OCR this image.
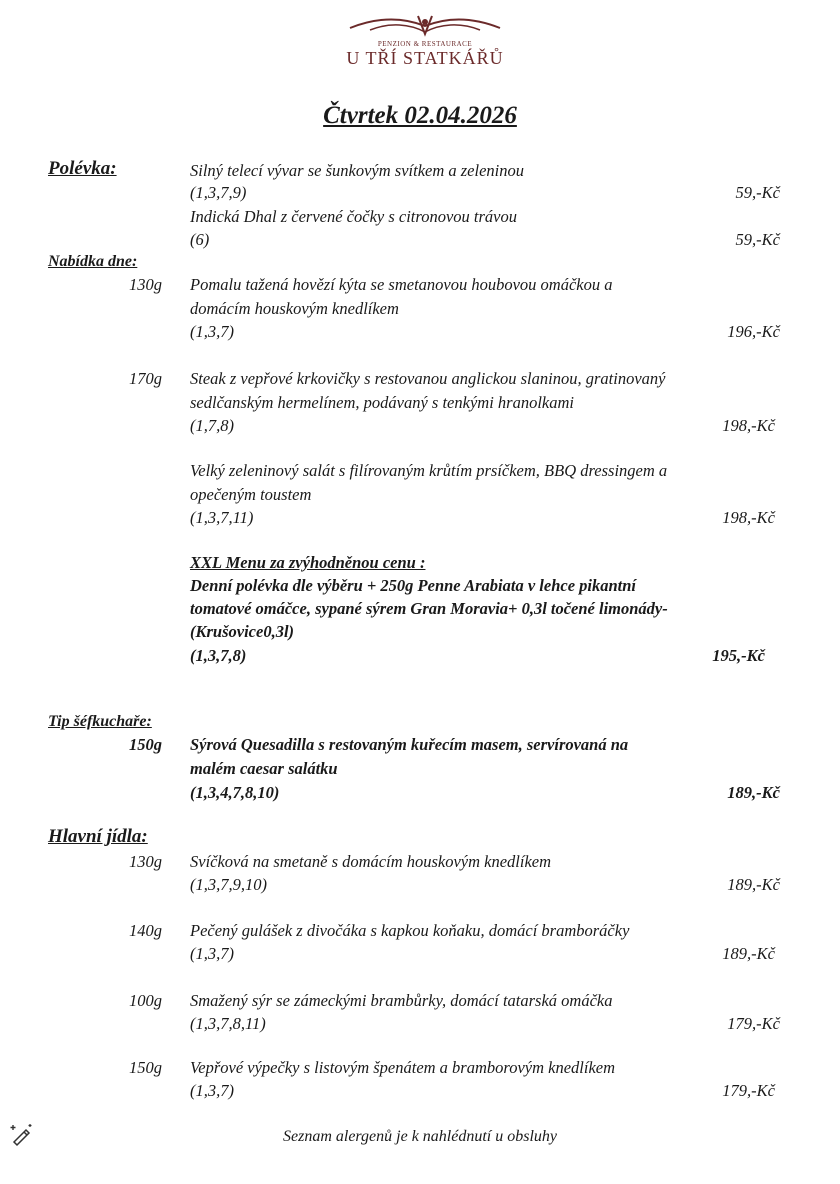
PENZION & RESTAURACE
U TŘÍ STATKÁŘŮ
Čtvrtek 02.04.2026
Polévka:	Silný telecí vývar se šunkovým svítkem a zeleninou
(1,3,7,9)	59,-Kč
Indická Dhal z červené čočky s citronovou trávou
(6)	59,-Kč
Nabídka dne:
130g Pomalu tažená hovězí kýta se smetanovou houbovou omáčkou a
domácím houskovým knedlíkem
(1,3,7)	196,-Kč
170g Steak z vepřové krkovičky s restovanou anglickou slaninou, gratinovaný
sedlčanským hermelínem, podávaný s tenkými hranolkami
(1,7,8)	198,-Kč
Velký zeleninový salát s filírovaným krůtím prsíčkem, BBQ dressingem a
opečeným toustem
(1,3,7,11)	198,-Kč
XXL Menu za zvýhodněnou cenu :
Denní polévka dle výběru + 250g Penne Arabiata v lehce pikantní
tomatové omáčce, sypané sýrem Gran Moravia+ 0,3l točené limonády-
(Krušovice0,3l)
(1,3,7,8)	195,-Kč
Tip šéfkuchaře:
150g Sýrová Quesadilla s restovaným kuřecím masem, servírovaná na
malém caesar salátku
(1,3,4,7,8,10)	189,-Kč
Hlavní jídla:
130g Svíčková na smetaně s domácím houskovým knedlíkem
(1,3,7,9,10)	189,-Kč
140g Pečený gulášek z divočáka s kapkou koňaku, domácí bramboráčky
(1,3,7)	189,-Kč
100g Smažený sýr se zámeckými brambůrky, domácí tatarská omáčka
(1,3,7,8,11)	179,-Kč
150g Vepřové výpečky s listovým špenátem a bramborovým knedlíkem
(1,3,7)	179,-Kč
Seznam alergenů je k nahlédnutí u obsluhy
